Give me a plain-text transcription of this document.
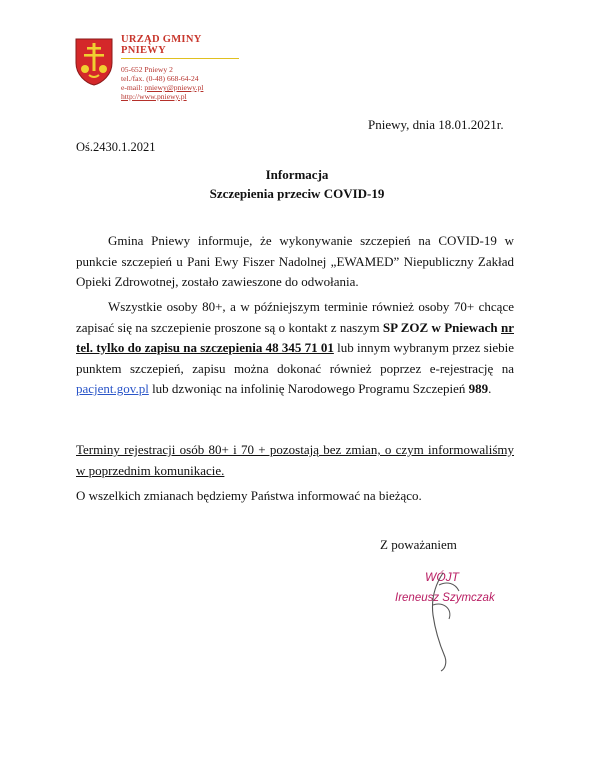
URZĄD GMINY PNIEWY
05-652 Pniewy 2
tel./fax. (0-48) 668-64-24
e-mail: pniewy@pniewy.pl
http://www.pniewy.pl
Pniewy, dnia 18.01.2021r.
Oś.2430.1.2021
Informacja
Szczepienia przeciw COVID-19

Gmina Pniewy informuje, że wykonywanie szczepień na COVID-19 w punkcie szczepień u Pani Ewy Fiszer Nadolnej „EWAMED” Niepubliczny Zakład Opieki Zdrowotnej, zostało zawieszone do odwołania.

Wszystkie osoby 80+, a w późniejszym terminie również osoby 70+ chcące zapisać się na szczepienie proszone są o kontakt z naszym SP ZOZ w Pniewach nr tel. tylko do zapisu na szczepienia 48 345 71 01 lub innym wybranym przez siebie punktem szczepień, zapisu można dokonać również poprzez e-rejestrację na pacjent.gov.pl lub dzwoniąc na infolinię Narodowego Programu Szczepień 989.

Terminy rejestracji osób 80+ i 70 + pozostają bez zmian, o czym informowaliśmy w poprzednim komunikacie.

O wszelkich zmianach będziemy Państwa informować na bieżąco.

Z poważaniem
WÓJT
Ireneusz Szymczak
